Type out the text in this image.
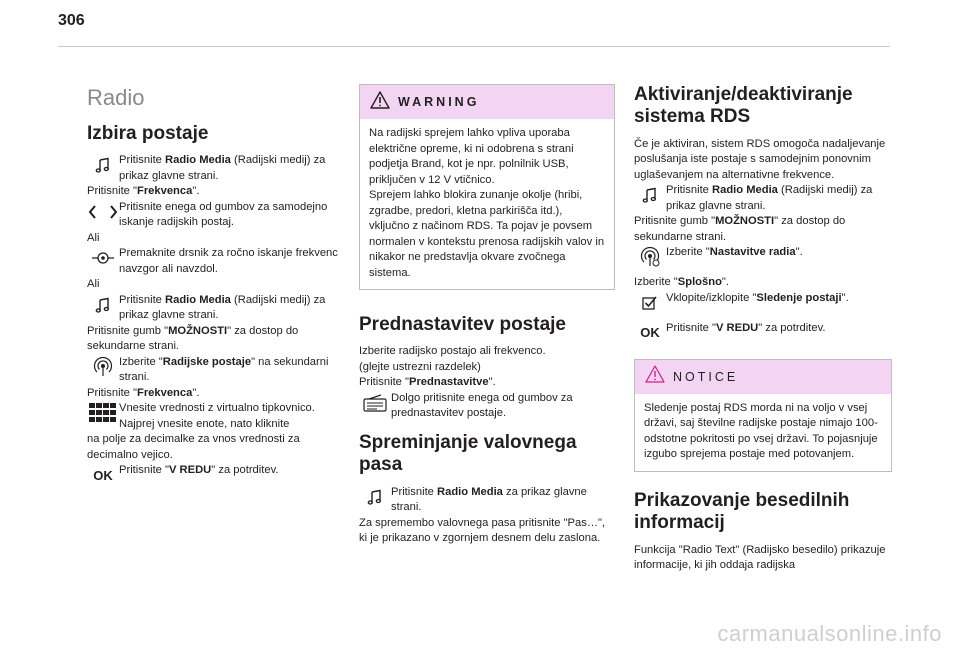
306
Radio
Izbira postaje

Pritisnite Radio Media (Radijski medij) za prikaz glavne strani.

Pritisnite "Frekvenca".

Pritisnite enega od gumbov za samodejno iskanje radijskih postaj.

Ali

Premaknite drsnik za ročno iskanje frekvenc navzgor ali navzdol.

Ali

Pritisnite Radio Media (Radijski medij) za prikaz glavne strani.

Pritisnite gumb "MOŽNOSTI" za dostop do sekundarne strani.

Izberite "Radijske postaje" na sekundarni strani.

Pritisnite "Frekvenca".

Vnesite vrednosti z virtualno tipkovnico. Najprej vnesite enote, nato kliknite

na polje za decimalke za vnos vrednosti za decimalno vejico.

OK Pritisnite "V REDU" za potrditev.

WARNING
Na radijski sprejem lahko vpliva uporaba električne opreme, ki ni odobrena s strani podjetja Brand, kot je npr. polnilnik USB, priključen v 12 V vtičnico.
Sprejem lahko blokira zunanje okolje (hribi, zgradbe, predori, kletna parkirišča itd.), vključno z načinom RDS. Ta pojav je povsem normalen v kontekstu prenosa radijskih valov in nikakor ne predstavlja okvare zvočnega sistema.
Prednastavitev postaje

Izberite radijsko postajo ali frekvenco.

(glejte ustrezni razdelek)

Pritisnite "Prednastavitve".

Dolgo pritisnite enega od gumbov za prednastavitev postaje.

Spreminjanje valovnega pasa

Pritisnite Radio Media za prikaz glavne strani.

Za spremembo valovnega pasa pritisnite "Pas…", ki je prikazano v zgornjem desnem delu zaslona.

Aktiviranje/deaktiviranje sistema RDS

Če je aktiviran, sistem RDS omogoča nadaljevanje poslušanja iste postaje s samodejnim ponovnim uglaševanjem na alternativne frekvence.

Pritisnite Radio Media (Radijski medij) za prikaz glavne strani.

Pritisnite gumb "MOŽNOSTI" za dostop do sekundarne strani.

Izberite "Nastavitve radia".

Izberite "Splošno".

Vklopite/izklopite "Sledenje postaji".

OK Pritisnite "V REDU" za potrditev.

NOTICE
Sledenje postaj RDS morda ni na voljo v vsej državi, saj številne radijske postaje nimajo 100-odstotne pokritosti po vsej državi. To pojasnjuje izgubo sprejema postaje med potovanjem.
Prikazovanje besedilnih informacij

Funkcija "Radio Text" (Radijsko besedilo) prikazuje informacije, ki jih oddaja radijska

carmanualsonline.info
